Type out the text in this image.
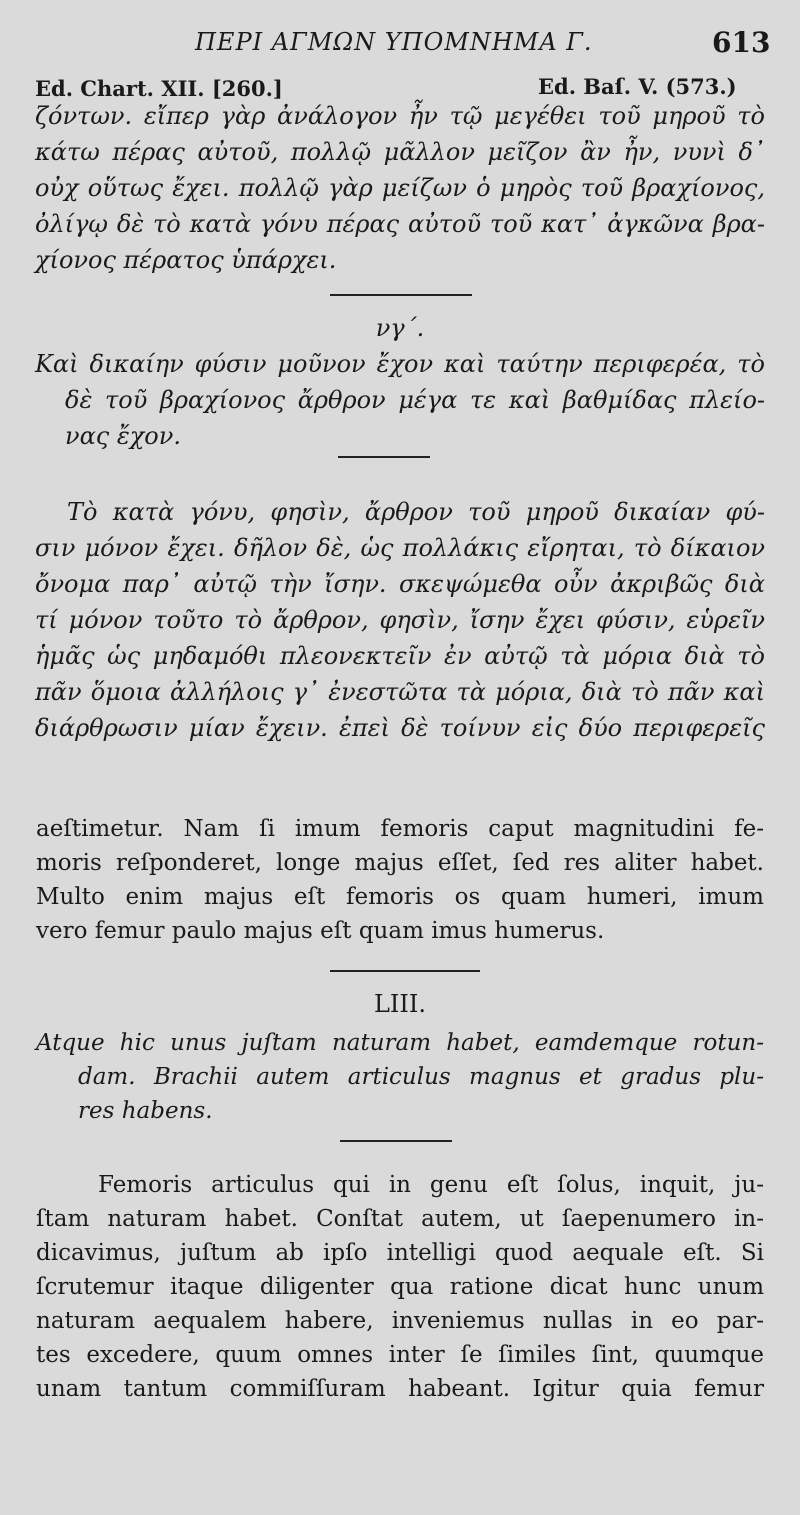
ΠΕΡΙ ΑΓΜΩΝ ΥΠΟΜΝΗΜΑ Γ.	613
Ed. Chart. XII. [260.]	Ed. Baſ. V. (573.)
ζόντων. εἴπερ γὰρ ἀνάλογον ἦν τῷ μεγέθει τοῦ μηροῦ τὸ
κάτω πέρας αὐτοῦ, πολλῷ μᾶλλον μεῖζον ἂν ἦν, νυνὶ δ᾽
οὐχ οὕτως ἔχει. πολλῷ γὰρ μείζων ὁ μηρὸς τοῦ βραχίονος,
ὀλίγῳ δὲ τὸ κατὰ γόνυ πέρας αὐτοῦ τοῦ κατ᾽ ἀγκῶνα βρα-
χίονος πέρατος ὑπάρχει.
νγ΄.
Καὶ δικαίην φύσιν μοῦνον ἔχον καὶ ταύτην περιφερέα, τὸ
δὲ τοῦ βραχίονος ἄρθρον μέγα τε καὶ βαθμίδας πλείο-
νας ἔχον.
Τὸ κατὰ γόνυ, φησὶν, ἄρθρον τοῦ μηροῦ δικαίαν φύ-
σιν μόνον ἔχει. δῆλον δὲ, ὡς πολλάκις εἴρηται, τὸ δίκαιον
ὄνομα παρ᾽ αὐτῷ τὴν ἴσην. σκεψώμεθα οὖν ἀκριβῶς διὰ
τί μόνον τοῦτο τὸ ἄρθρον, φησὶν, ἴσην ἔχει φύσιν, εὑρεῖν
ἡμᾶς ὡς μηδαμόθι πλεονεκτεῖν ἐν αὐτῷ τὰ μόρια διὰ τὸ
πᾶν ὅμοια ἀλλήλοις γ᾽ ἐνεστῶτα τὰ μόρια, διὰ τὸ πᾶν καὶ
διάρθρωσιν μίαν ἔχειν. ἐπεὶ δὲ τοίνυν εἰς δύο περιφερεῖς
aeſtimetur. Nam ſi imum femoris caput magnitudini fe-
moris reſponderet, longe majus eſſet, ſed res aliter habet.
Multo enim majus eſt femoris os quam humeri, imum
vero femur paulo majus eſt quam imus humerus.
LIII.
Atque hic unus juſtam naturam habet, eamdemque rotun-
dam. Brachii autem articulus magnus et gradus plu-
res habens.
Femoris articulus qui in genu eſt ſolus, inquit, ju-
ſtam naturam habet. Conſtat autem, ut ſaepenumero in-
dicavimus, juſtum ab ipſo intelligi quod aequale eſt. Si
ſcrutemur itaque diligenter qua ratione dicat hunc unum
naturam aequalem habere, inveniemus nullas in eo par-
tes excedere, quum omnes inter ſe ſimiles ſint, quumque
unam tantum commiſſuram habeant. Igitur quia femur
